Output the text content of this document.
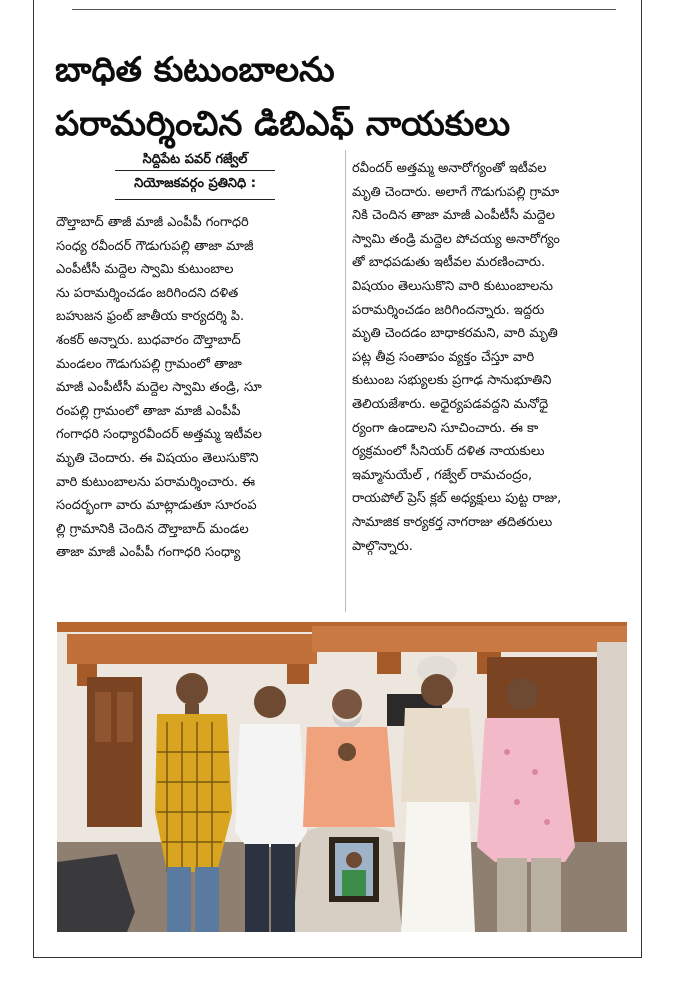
బాధిత కుటుంబాలను
పరామర్శించిన డిబిఎఫ్ నాయకులు
సిద్దిపేట పవర్ గజ్వేల్
నియోజకవర్గం ప్రతినిధి :
దౌల్తాబాద్ తాజీ మాజీ ఎంపీపీ గంగాధరి
సంధ్య రవీందర్ గౌడుగుపల్లి తాజా మాజీ
ఎంపీటీసీ మద్దెల స్వామి కుటుంబాల
ను పరామర్శించడం జరిగిందని దళిత
బహుజన ఫ్రంట్ జాతీయ కార్యదర్శి పి.
శంకర్ అన్నారు. బుధవారం దౌల్తాబాద్
మండలం గౌడుగుపల్లి గ్రామంలో తాజా
మాజీ ఎంపీటీసీ మద్దెల స్వామి తండ్రి, సూ
రంపల్లి గ్రామంలో తాజా మాజీ ఎంపీపీ
గంగాధరి సంధ్యారవీందర్ అత్తమ్మ ఇటీవల
మృతి చెందారు. ఈ విషయం తెలుసుకొని
వారి కుటుంబాలను పరామర్శించారు. ఈ
సందర్భంగా వారు మాట్లాడుతూ సూరంప
ల్లి గ్రామానికి చెందిన దౌల్తాబాద్ మండల
తాజా మాజీ ఎంపీపీ గంగాధరి సంధ్యా
రవీందర్ అత్తమ్మ అనారోగ్యంతో ఇటీవల
మృతి చెందారు. అలాగే గౌడుగుపల్లి గ్రామా
నికి చెందిన తాజా మాజీ ఎంపీటీసీ మద్దెల
స్వామి తండ్రి మద్దెల పోచయ్య అనారోగ్యం
తో బాధపడుతు ఇటీవల మరణించారు.
విషయం తెలుసుకొని వారి కుటుంబాలను
పరామర్శించడం జరిగిందన్నారు. ఇద్దరు
మృతి చెందడం బాధాకరమని, వారి మృతి
పట్ల తీవ్ర సంతాపం వ్యక్తం చేస్తూ వారి
కుటుంబ సభ్యులకు ప్రగాఢ సానుభూతిని
తెలియజేశారు. అధైర్యపడవద్దని మనోధై
ర్యంగా ఉండాలని సూచించారు. ఈ కా
ర్యక్రమంలో సీనియర్ దళిత నాయకులు
ఇమ్మానుయేల్ , గజ్వేల్ రామచంద్రం,
రాయపోల్ ప్రెస్ క్లబ్ అధ్యక్షులు పుట్ట రాజు,
సామాజిక కార్యకర్త నాగరాజు తదితరులు
పాల్గొన్నారు.
